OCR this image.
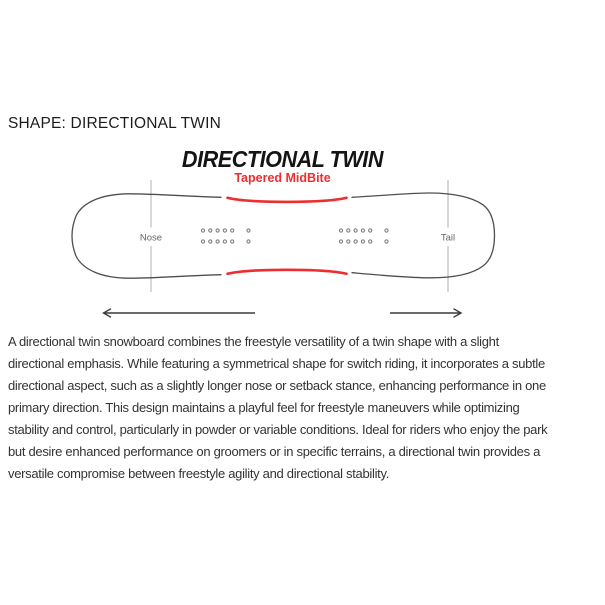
SHAPE: DIRECTIONAL TWIN
DIRECTIONAL TWIN
Tapered MidBite
Nose	Tail
A directional twin snowboard combines the freestyle versatility of a twin shape with a slight
directional emphasis. While featuring a symmetrical shape for switch riding, it incorporates a subtle
directional aspect, such as a slightly longer nose or setback stance, enhancing performance in one
primary direction. This design maintains a playful feel for freestyle maneuvers while optimizing
stability and control, particularly in powder or variable conditions. Ideal for riders who enjoy the park
but desire enhanced performance on groomers or in specific terrains, a directional twin provides a
versatile compromise between freestyle agility and directional stability.
